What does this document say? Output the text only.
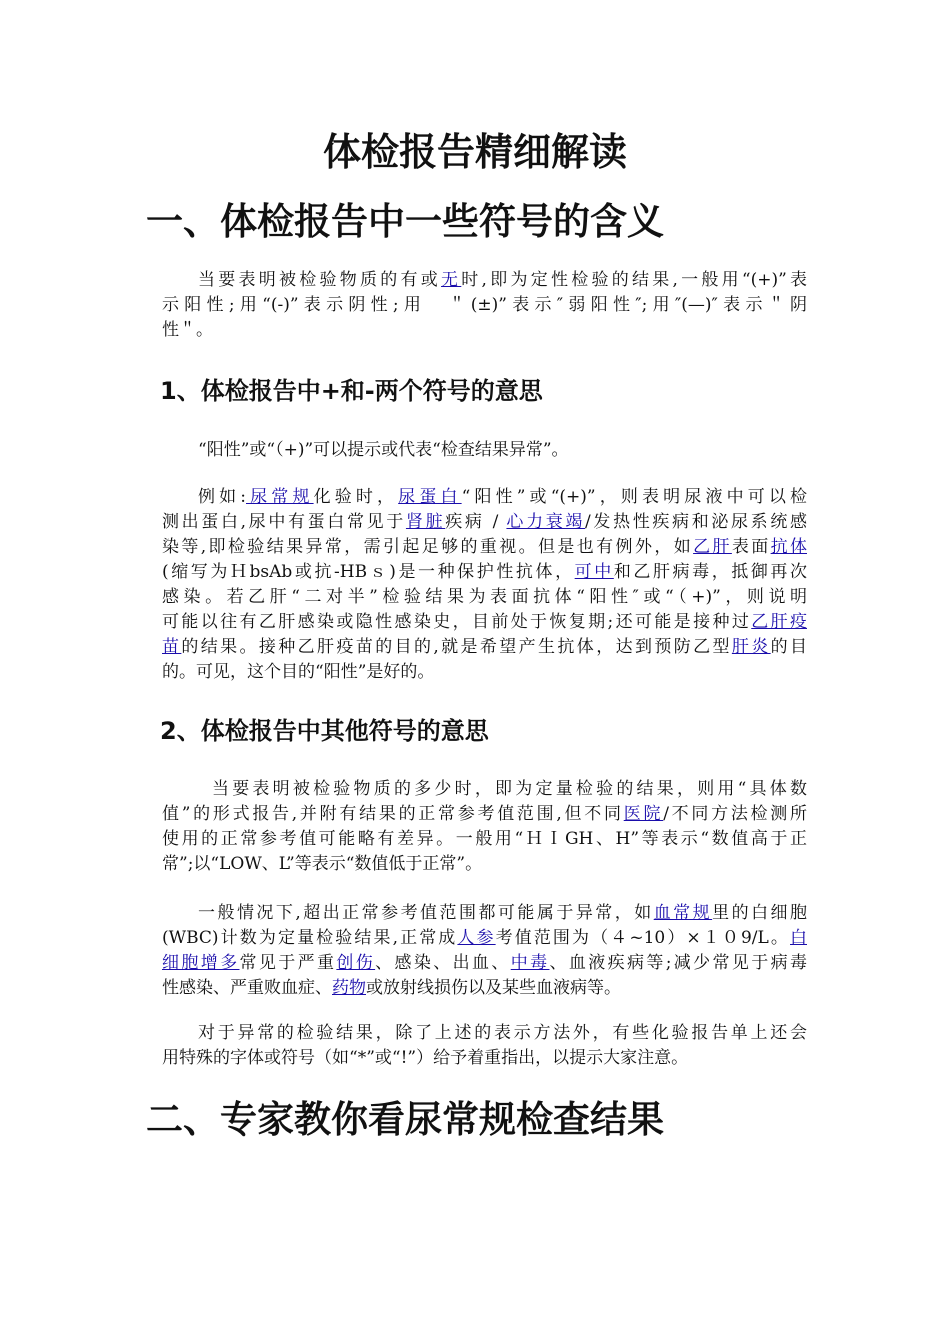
体检报告精细解读
一、体检报告中一些符号的含义
当要表明被检验物质的有或无时,即为定性检验的结果,一般用“(+)”表
示阳性;用“(-)”表示阴性;用　＂(±)”表示″弱阳性″;用″(—)″表示＂阴
性＂。
1、体检报告中+和-两个符号的意思
“阳性”或“（+)”可以提示或代表“检查结果异常”。
例如:尿常规化验时，尿蛋白“阳性”或“(+)”，则表明尿液中可以检
测出蛋白,尿中有蛋白常见于肾脏疾病 / 心力衰竭/发热性疾病和泌尿系统感
染等,即检验结果异常，需引起足够的重视。但是也有例外，如乙肝表面抗体
(缩写为ＨbsAb或抗-HBｓ)是一种保护性抗体，可中和乙肝病毒，抵御再次
感染。若乙肝“二对半”检验结果为表面抗体“阳性″或“（+)”，则说明
可能以往有乙肝感染或隐性感染史，目前处于恢复期;还可能是接种过乙肝疫
苗的结果。接种乙肝疫苗的目的,就是希望产生抗体，达到预防乙型肝炎的目
的。可见，这个目的“阳性”是好的。
2、体检报告中其他符号的意思
当要表明被检验物质的多少时，即为定量检验的结果，则用“具体数
值”的形式报告,并附有结果的正常参考值范围,但不同医院/不同方法检测所
使用的正常参考值可能略有差异。一般用“ＨＩGH、H”等表示“数值高于正
常”;以“LOW、L”等表示“数值低于正常”。
一般情况下,超出正常参考值范围都可能属于异常，如血常规里的白细胞
(WBC)计数为定量检验结果,正常成人参考值范围为（４~10）×１０9/L。白
细胞增多常见于严重创伤、感染、出血、中毒、血液疾病等;减少常见于病毒
性感染、严重败血症、药物或放射线损伤以及某些血液病等。
对于异常的检验结果，除了上述的表示方法外，有些化验报告单上还会
用特殊的字体或符号（如“*”或“!”）给予着重指出，以提示大家注意。
二、专家教你看尿常规检查结果
